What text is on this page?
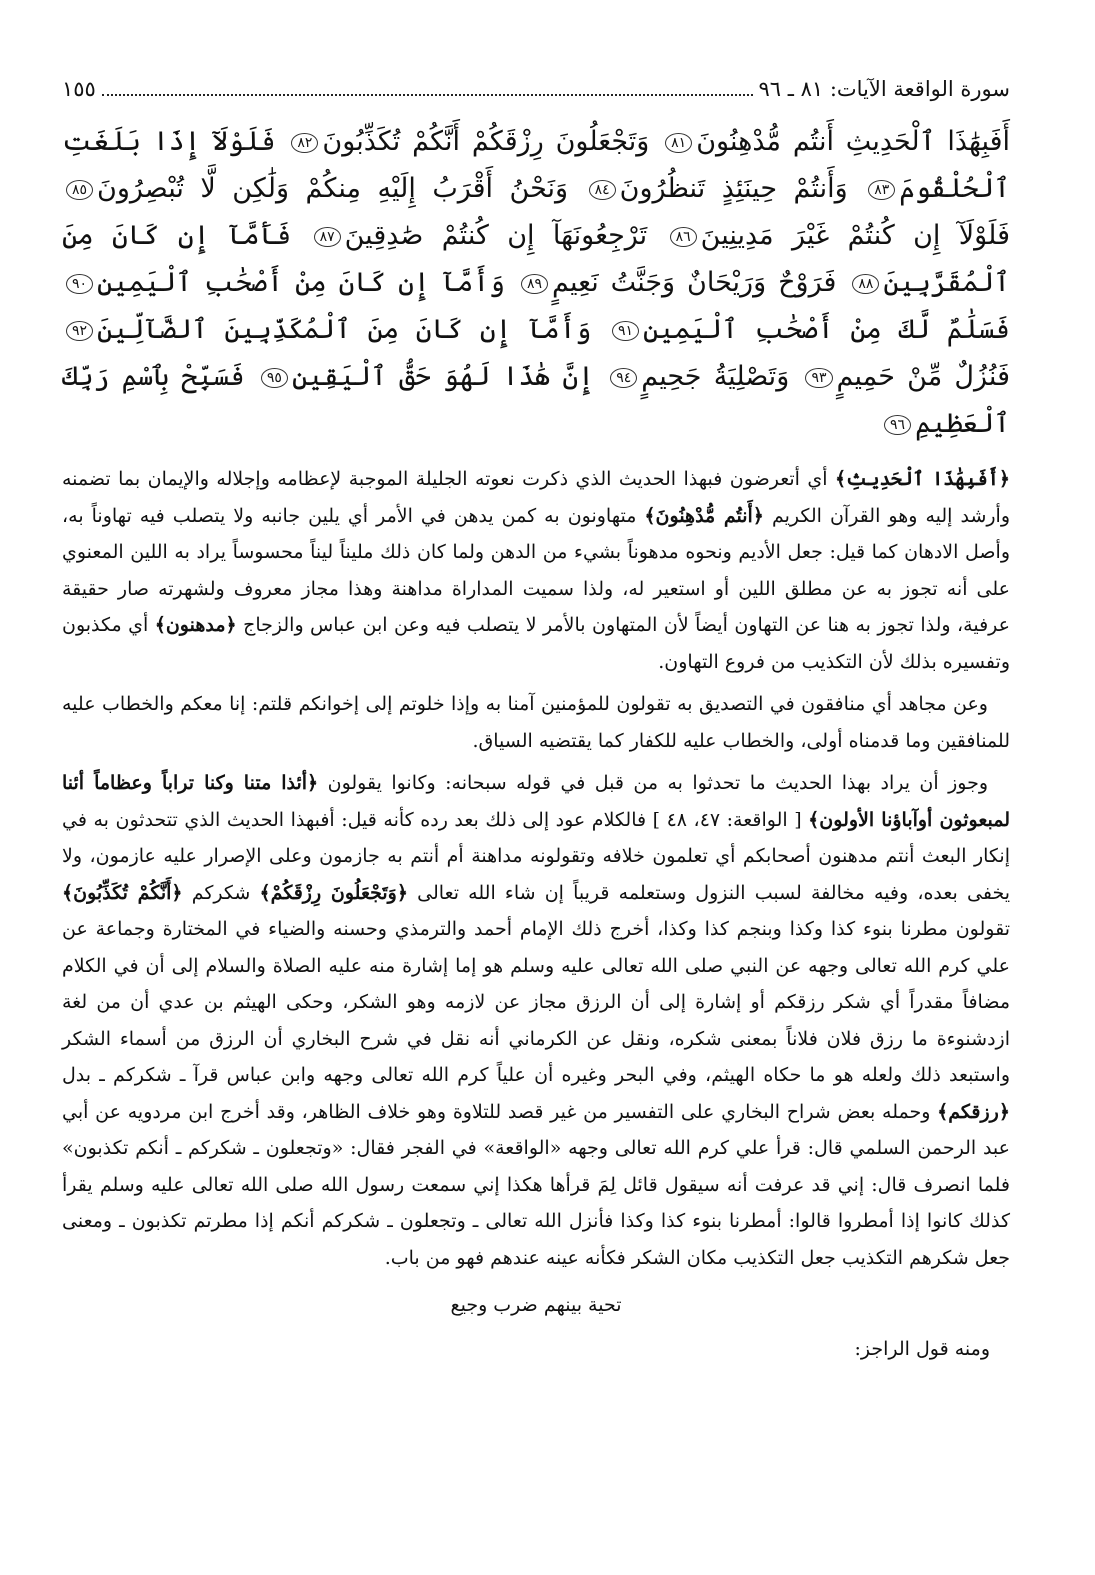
سورة الواقعة الآيات: ٨١ ـ ٩٦
١٥٥
أَفَبِهَٰذَا ٱلْحَدِيثِ أَنتُم مُّدْهِنُونَ٨١ وَتَجْعَلُونَ رِزْقَكُمْ أَنَّكُمْ تُكَذِّبُونَ٨٢ فَلَوْلَآ إِذَا بَلَغَتِ ٱلْحُلْقُومَ٨٣ وَأَنتُمْ حِينَئِذٍ تَنظُرُونَ٨٤ وَنَحْنُ أَقْرَبُ إِلَيْهِ مِنكُمْ وَلَٰكِن لَّا تُبْصِرُونَ٨٥ فَلَوْلَآ إِن كُنتُمْ غَيْرَ مَدِينِينَ٨٦ تَرْجِعُونَهَآ إِن كُنتُمْ صَٰدِقِينَ٨٧ فَأَمَّآ إِن كَانَ مِنَ ٱلْمُقَرَّبِينَ٨٨ فَرَوْحٌ وَرَيْحَانٌ وَجَنَّتُ نَعِيمٍ٨٩ وَأَمَّآ إِن كَانَ مِنْ أَصْحَٰبِ ٱلْيَمِينِ٩٠ فَسَلَٰمٌ لَّكَ مِنْ أَصْحَٰبِ ٱلْيَمِينِ٩١ وَأَمَّآ إِن كَانَ مِنَ ٱلْمُكَذِّبِينَ ٱلضَّآلِّينَ٩٢ فَنُزُلٌ مِّنْ حَمِيمٍ٩٣ وَتَصْلِيَةُ جَحِيمٍ٩٤ إِنَّ هَٰذَا لَهُوَ حَقُّ ٱلْيَقِينِ٩٥ فَسَبِّحْ بِٱسْمِ رَبِّكَ ٱلْعَظِيمِ٩٦

﴿أَفَبِهَٰذَا ٱلْحَدِيثِ﴾ أي أتعرضون فبهذا الحديث الذي ذكرت نعوته الجليلة الموجبة لإعظامه وإجلاله والإيمان بما تضمنه وأرشد إليه وهو القرآن الكريم ﴿أَنتُم مُّدْهِنُونَ﴾ متهاونون به كمن يدهن في الأمر أي يلين جانبه ولا يتصلب فيه تهاوناً به، وأصل الادهان كما قيل: جعل الأديم ونحوه مدهوناً بشيء من الدهن ولما كان ذلك مليناً ليناً محسوساً يراد به اللين المعنوي على أنه تجوز به عن مطلق اللين أو استعير له، ولذا سميت المداراة مداهنة وهذا مجاز معروف ولشهرته صار حقيقة عرفية، ولذا تجوز به هنا عن التهاون أيضاً لأن المتهاون بالأمر لا يتصلب فيه وعن ابن عباس والزجاج ﴿مدهنون﴾ أي مكذبون وتفسيره بذلك لأن التكذيب من فروع التهاون.

وعن مجاهد أي منافقون في التصديق به تقولون للمؤمنين آمنا به وإذا خلوتم إلى إخوانكم قلتم: إنا معكم والخطاب عليه للمنافقين وما قدمناه أولى، والخطاب عليه للكفار كما يقتضيه السياق.

وجوز أن يراد بهذا الحديث ما تحدثوا به من قبل في قوله سبحانه: وكانوا يقولون ﴿أئذا متنا وكنا تراباً وعظاماً أئنا لمبعوثون أوآباؤنا الأولون﴾ [ الواقعة: ٤٧، ٤٨ ] فالكلام عود إلى ذلك بعد رده كأنه قيل: أفبهذا الحديث الذي تتحدثون به في إنكار البعث أنتم مدهنون أصحابكم أي تعلمون خلافه وتقولونه مداهنة أم أنتم به جازمون وعلى الإصرار عليه عازمون، ولا يخفى بعده، وفيه مخالفة لسبب النزول وستعلمه قريباً إن شاء الله تعالى ﴿وَتَجْعَلُونَ رِزْقَكُمْ﴾ شكركم ﴿أَنَّكُمْ تُكَذِّبُونَ﴾ تقولون مطرنا بنوء كذا وكذا وبنجم كذا وكذا، أخرج ذلك الإمام أحمد والترمذي وحسنه والضياء في المختارة وجماعة عن علي كرم الله تعالى وجهه عن النبي صلى الله تعالى عليه وسلم هو إما إشارة منه عليه الصلاة والسلام إلى أن في الكلام مضافاً مقدراً أي شكر رزقكم أو إشارة إلى أن الرزق مجاز عن لازمه وهو الشكر، وحكى الهيثم بن عدي أن من لغة ازدشنوءة ما رزق فلان فلاناً بمعنى شكره، ونقل عن الكرماني أنه نقل في شرح البخاري أن الرزق من أسماء الشكر واستبعد ذلك ولعله هو ما حكاه الهيثم، وفي البحر وغيره أن علياً كرم الله تعالى وجهه وابن عباس قرآ ـ شكركم ـ بدل ﴿رزقكم﴾ وحمله بعض شراح البخاري على التفسير من غير قصد للتلاوة وهو خلاف الظاهر، وقد أخرج ابن مردويه عن أبي عبد الرحمن السلمي قال: قرأ علي كرم الله تعالى وجهه «الواقعة» في الفجر فقال: «وتجعلون ـ شكركم ـ أنكم تكذبون» فلما انصرف قال: إني قد عرفت أنه سيقول قائل لِمَ قرأها هكذا إني سمعت رسول الله صلى الله تعالى عليه وسلم يقرأ كذلك كانوا إذا أمطروا قالوا: أمطرنا بنوء كذا وكذا فأنزل الله تعالى ـ وتجعلون ـ شكركم أنكم إذا مطرتم تكذبون ـ ومعنى جعل شكرهم التكذيب جعل التكذيب مكان الشكر فكأنه عينه عندهم فهو من باب.

تحية بينهم ضرب وجيع
ومنه قول الراجز:
